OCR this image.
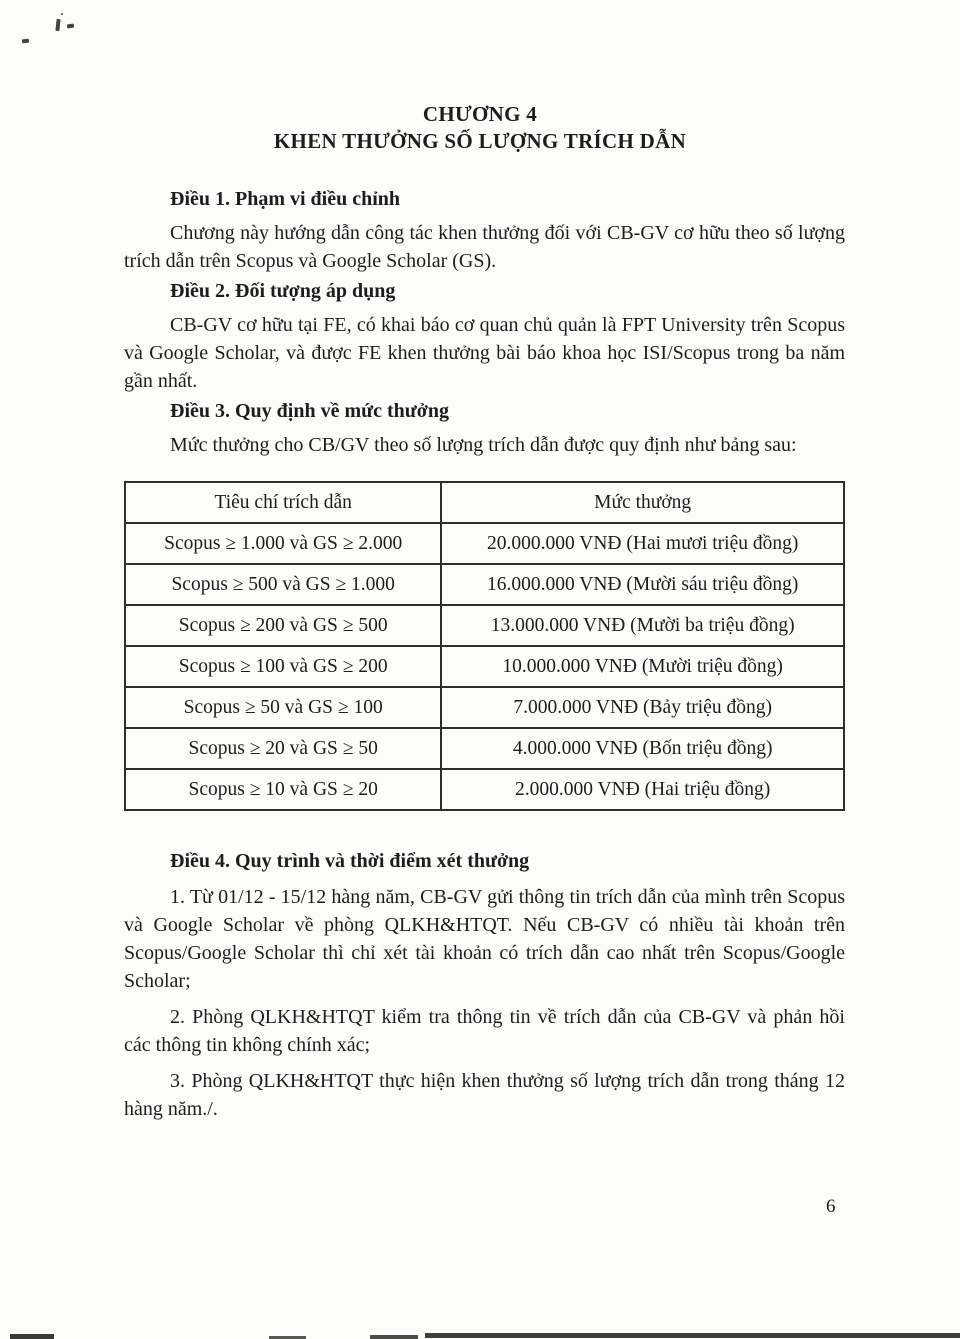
CHƯƠNG 4
KHEN THƯỞNG SỐ LƯỢNG TRÍCH DẪN

Điều 1. Phạm vi điều chỉnh

Chương này hướng dẫn công tác khen thưởng đối với CB-GV cơ hữu theo số lượng trích dẫn trên Scopus và Google Scholar (GS).

Điều 2. Đối tượng áp dụng

CB-GV cơ hữu tại FE, có khai báo cơ quan chủ quản là FPT University trên Scopus và Google Scholar, và được FE khen thưởng bài báo khoa học ISI/Scopus trong ba năm gần nhất.

Điều 3. Quy định về mức thưởng

Mức thưởng cho CB/GV theo số lượng trích dẫn được quy định như bảng sau:

Tiêu chí trích dẫn	Mức thưởng
Scopus ≥ 1.000 và GS ≥ 2.000	20.000.000 VNĐ (Hai mươi triệu đồng)
Scopus ≥ 500 và GS ≥ 1.000	16.000.000 VNĐ (Mười sáu triệu đồng)
Scopus ≥ 200 và GS ≥ 500	13.000.000 VNĐ (Mười ba triệu đồng)
Scopus ≥ 100 và GS ≥ 200	10.000.000 VNĐ (Mười triệu đồng)
Scopus ≥ 50 và GS ≥ 100	7.000.000 VNĐ (Bảy triệu đồng)
Scopus ≥ 20 và GS ≥ 50	4.000.000 VNĐ (Bốn triệu đồng)
Scopus ≥ 10 và GS ≥ 20	2.000.000 VNĐ (Hai triệu đồng)

Điều 4. Quy trình và thời điểm xét thưởng

1. Từ 01/12 - 15/12 hàng năm, CB-GV gửi thông tin trích dẫn của mình trên Scopus và Google Scholar về phòng QLKH&HTQT. Nếu CB-GV có nhiều tài khoản trên Scopus/Google Scholar thì chỉ xét tài khoản có trích dẫn cao nhất trên Scopus/Google Scholar;

2. Phòng QLKH&HTQT kiểm tra thông tin về trích dẫn của CB-GV và phản hồi các thông tin không chính xác;

3. Phòng QLKH&HTQT thực hiện khen thưởng số lượng trích dẫn trong tháng 12 hàng năm./.

6
